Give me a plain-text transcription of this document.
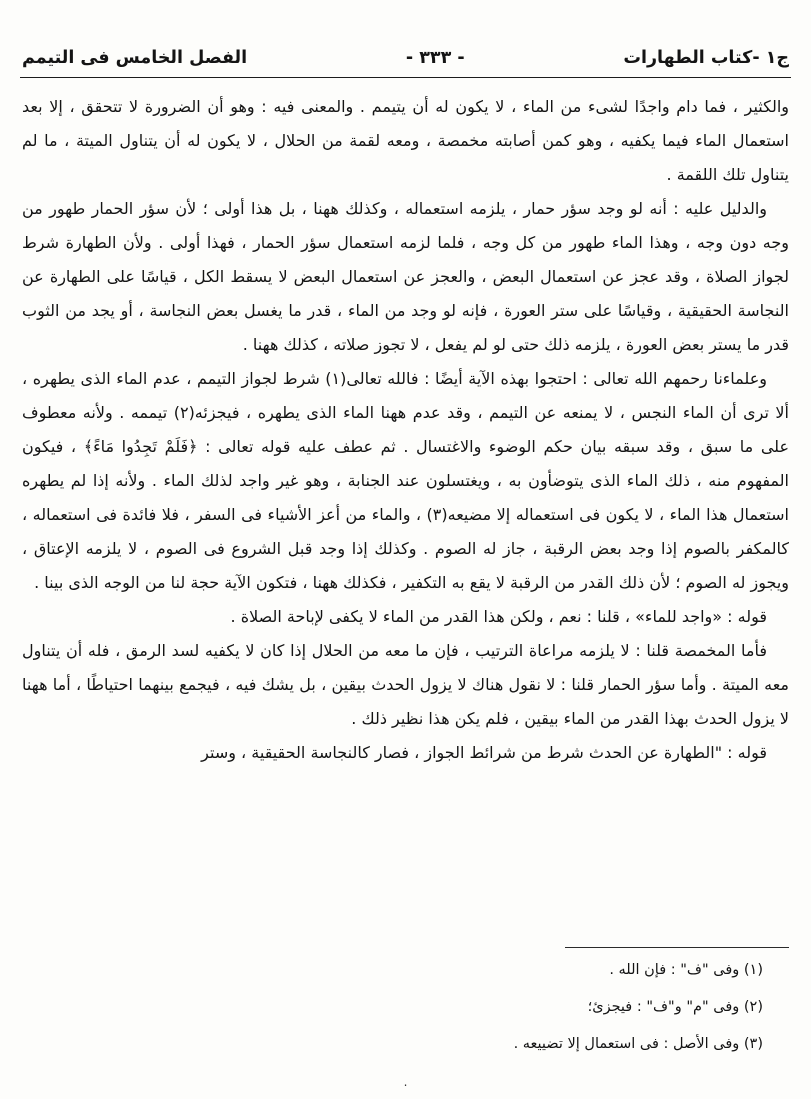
ج١ -كتاب الطهارات
- ٣٣٣ -
الفصل الخامس فى التيمم

والكثير ، فما دام واجدًا لشىء من الماء ، لا يكون له أن يتيمم . والمعنى فيه : وهو أن الضرورة لا تتحقق ، إلا بعد استعمال الماء فيما يكفيه ، وهو كمن أصابته مخمصة ، ومعه لقمة من الحلال ، لا يكون له أن يتناول الميتة ، ما لم يتناول تلك اللقمة .

والدليل عليه : أنه لو وجد سؤر حمار ، يلزمه استعماله ، وكذلك ههنا ، بل هذا أولى ؛ لأن سؤر الحمار طهور من وجه دون وجه ، وهذا الماء طهور من كل وجه ، فلما لزمه استعمال سؤر الحمار ، فهذا أولى . ولأن الطهارة شرط لجواز الصلاة ، وقد عجز عن استعمال البعض ، والعجز عن استعمال البعض لا يسقط الكل ، قياسًا على الطهارة عن النجاسة الحقيقية ، وقياسًا على ستر العورة ، فإنه لو وجد من الماء ، قدر ما يغسل بعض النجاسة ، أو يجد من الثوب قدر ما يستر بعض العورة ، يلزمه ذلك حتى لو لم يفعل ، لا تجوز صلاته ، كذلك ههنا .

وعلماءنا رحمهم الله تعالى : احتجوا بهذه الآية أيضًا : فالله تعالى(١) شرط لجواز التيمم ، عدم الماء الذى يطهره ، ألا ترى أن الماء النجس ، لا يمنعه عن التيمم ، وقد عدم ههنا الماء الذى يطهره ، فيجزئه(٢) تيممه . ولأنه معطوف على ما سبق ، وقد سبقه بيان حكم الوضوء والاغتسال . ثم عطف عليه قوله تعالى : ﴿فَلَمْ تَجِدُوا مَاءً﴾ ، فيكون المفهوم منه ، ذلك الماء الذى يتوضأون به ، ويغتسلون عند الجنابة ، وهو غير واجد لذلك الماء . ولأنه إذا لم يطهره استعمال هذا الماء ، لا يكون فى استعماله إلا مضيعه(٣) ، والماء من أعز الأشياء فى السفر ، فلا فائدة فى استعماله ، كالمكفر بالصوم إذا وجد بعض الرقبة ، جاز له الصوم . وكذلك إذا وجد قبل الشروع فى الصوم ، لا يلزمه الإعتاق ، ويجوز له الصوم ؛ لأن ذلك القدر من الرقبة لا يقع به التكفير ، فكذلك ههنا ، فتكون الآية حجة لنا من الوجه الذى بينا .

قوله : «واجد للماء» ، قلنا : نعم ، ولكن هذا القدر من الماء لا يكفى لإباحة الصلاة .

فأما المخمصة قلنا : لا يلزمه مراعاة الترتيب ، فإن ما معه من الحلال إذا كان لا يكفيه لسد الرمق ، فله أن يتناول معه الميتة . وأما سؤر الحمار قلنا : لا نقول هناك لا يزول الحدث بيقين ، بل يشك فيه ، فيجمع بينهما احتياطًا ، أما ههنا لا يزول الحدث بهذا القدر من الماء بيقين ، فلم يكن هذا نظير ذلك .

قوله : "الطهارة عن الحدث شرط من شرائط الجواز ، فصار كالنجاسة الحقيقية ، وستر

(١) وفى "ف" : فإن الله .

(٢) وفى "م" و"ف" : فيجزئ؛

(٣) وفى الأصل : فى استعمال إلا تضييعه .

.
